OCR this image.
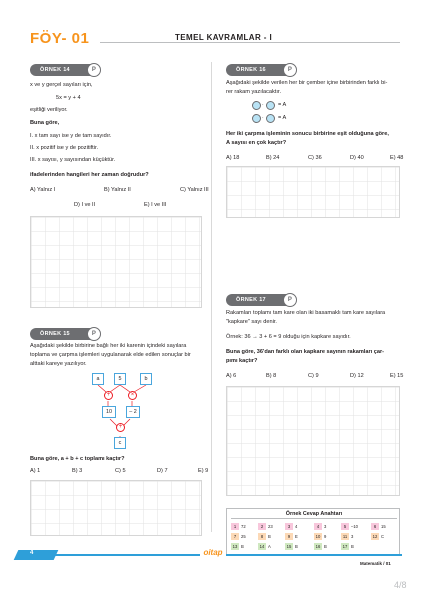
FÖY- 01	TEMEL KAVRAMLAR - I
ÖRNEK 14	P
x ve y gerçel sayıları için,
5x = y + 4
eşitliği veriliyor.
Buna göre,
I. x tam sayı ise y de tam sayıdır.
II. x pozitif ise y de pozitiftir.
III. x sayısı, y sayısından küçüktür.
ifadelerinden hangileri her zaman doğrudur?
A) Yalnız I	B) Yalnız II	C) Yalnız III
D) I ve II	E) I ve III
ÖRNEK 15	P
Aşağıdaki şekilde birbirine bağlı her iki karenin içindeki sayılara
toplama ve çarpma işlemleri uygulanarak elde edilen sonuçlar bir
alttaki kareye yazılıyor.
a	5	b
+	×
10	– 2
+
c
Buna göre, a + b + c toplamı kaçtır?
A) 1	B) 3	C) 5	D) 7	E) 9
ÖRNEK 16	P
Aşağıdaki şekilde verilen her bir çember içine birbirinden farklı bi-
rer rakam yazılacaktır.
·	= A
·	= A
Her iki çarpma işleminin sonucu birbirine eşit olduğuna göre,
A sayısı en çok kaçtır?
A) 18	B) 24	C) 36	D) 40	E) 48
ÖRNEK 17	P
Rakamları toplamı tam kare olan iki basamaklı tam kare sayılara
"kapkare" sayı denir.
Örnek: 36 → 3 + 6 = 9 olduğu için kapkare sayıdır.
Buna göre, 36'dan farklı olan kapkare sayının rakamları çar-
pımı kaçtır?
A) 6	B) 8	C) 9	D) 12	E) 15
Örnek Cevap Anahtarı
1 72	2 23	3 4	4 3	5 –10	6 15
7 25	8 B	9 E	10 9	11 3	12 C
13 B	14 A	15 B	16 B	17 B
4	oitap
Matematik / 01
4/8
